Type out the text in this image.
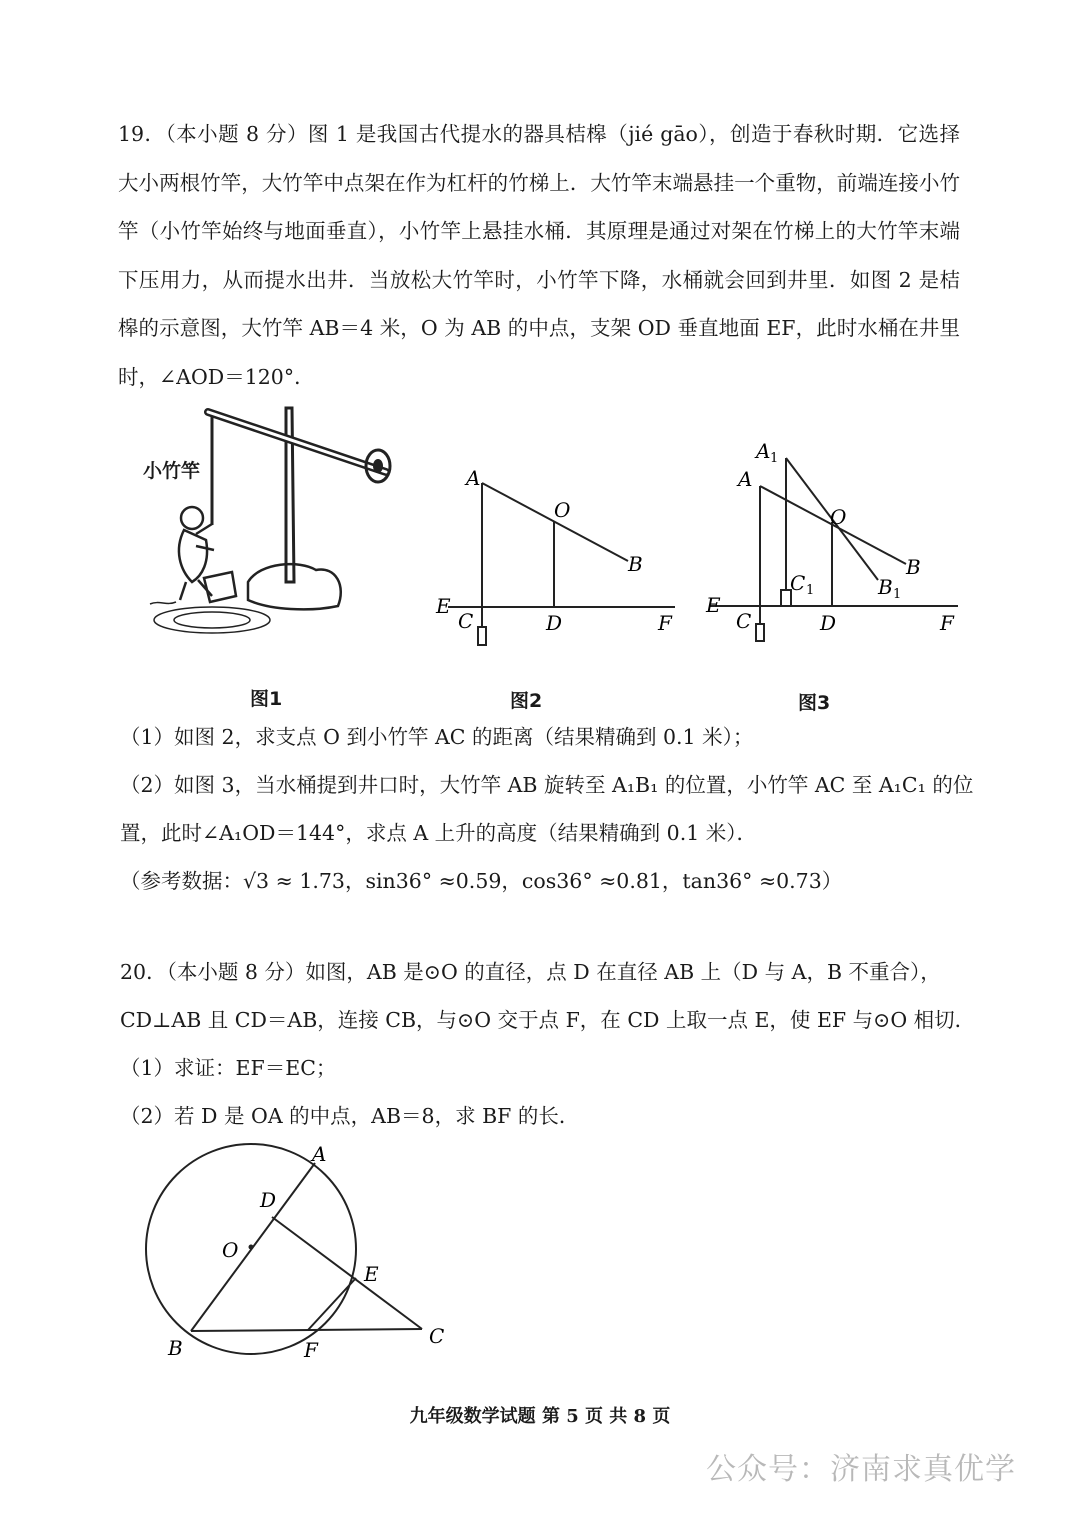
19．（本小题 8 分）图 1 是我国古代提水的器具桔槔（jié gāo），创造于春秋时期．它选择大小两根竹竿，大竹竿中点架在作为杠杆的竹梯上．大竹竿末端悬挂一个重物，前端连接小竹竿（小竹竿始终与地面垂直），小竹竿上悬挂水桶．其原理是通过对架在竹梯上的大竹竿末端下压用力，从而提水出井．当放松大竹竿时，小竹竿下降，水桶就会回到井里．如图 2 是桔槔的示意图，大竹竿 AB＝4 米，O 为 AB 的中点，支架 OD 垂直地面 EF，此时水桶在井里时，∠AOD＝120°．
小竹竿	A
O
B
E
C	D	F
A 1
A
O
B
B 1
C 1
E
C	D	F
图1	图2	图3
（1）如图 2，求支点 O 到小竹竿 AC 的距离（结果精确到 0.1 米）；
（2）如图 3，当水桶提到井口时，大竹竿 AB 旋转至 A₁B₁ 的位置，小竹竿 AC 至 A₁C₁ 的位
置，此时∠A₁OD＝144°，求点 A 上升的高度（结果精确到 0.1 米）．
（参考数据：√3 ≈ 1.73，sin36° ≈0.59，cos36° ≈0.81，tan36° ≈0.73）
20．（本小题 8 分）如图，AB 是⊙O 的直径，点 D 在直径 AB 上（D 与 A，B 不重合），
CD⊥AB 且 CD＝AB，连接 CB，与⊙O 交于点 F，在 CD 上取一点 E，使 EF 与⊙O 相切．
（1）求证：EF＝EC；
（2）若 D 是 OA 的中点，AB＝8，求 BF 的长．
A
D
O
E
B	F
C
九年级数学试题 第 5 页 共 8 页
公众号：济南求真优学
